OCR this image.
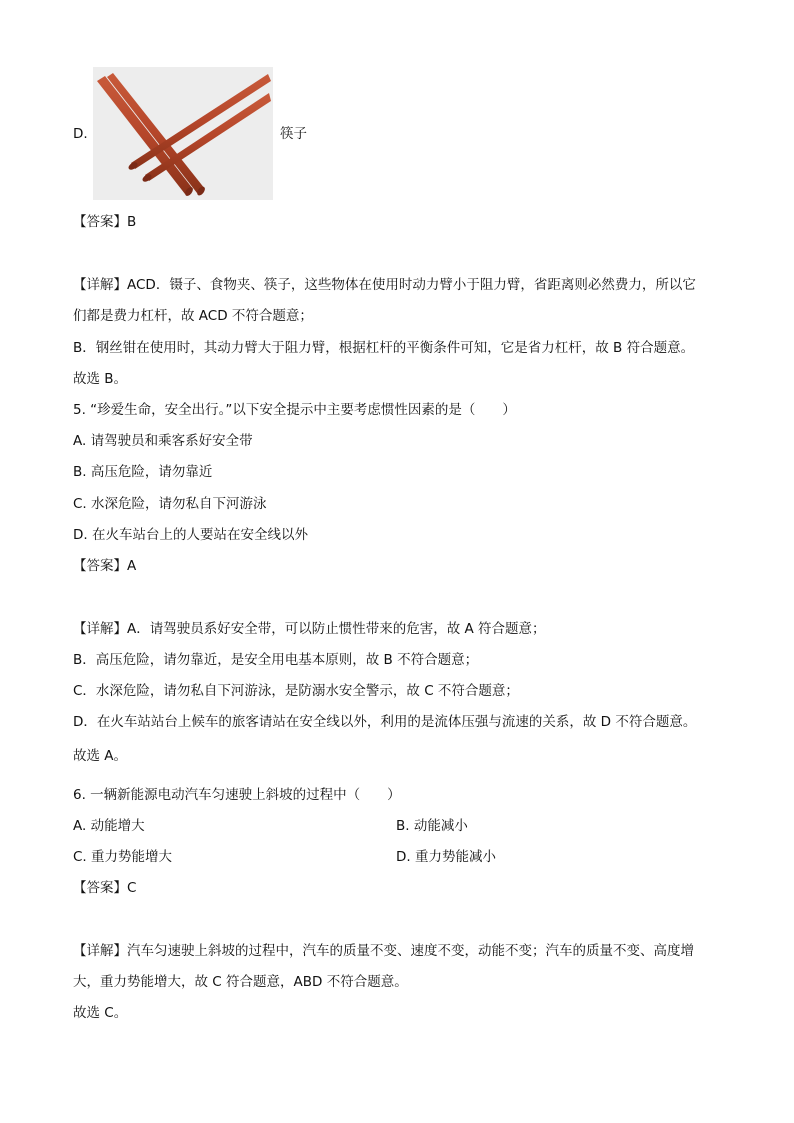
D.	筷子
【答案】B
【详解】ACD．镊子、食物夹、筷子，这些物体在使用时动力臂小于阻力臂，省距离则必然费力，所以它
们都是费力杠杆，故 ACD 不符合题意；
B．钢丝钳在使用时，其动力臂大于阻力臂，根据杠杆的平衡条件可知，它是省力杠杆，故 B 符合题意。
故选 B。
5. “珍爱生命，安全出行。”以下安全提示中主要考虑惯性因素的是（　　）
A. 请驾驶员和乘客系好安全带
B. 高压危险，请勿靠近
C. 水深危险，请勿私自下河游泳
D. 在火车站台上的人要站在安全线以外
【答案】A
【详解】A．请驾驶员系好安全带，可以防止惯性带来的危害，故 A 符合题意；
B．高压危险，请勿靠近，是安全用电基本原则，故 B 不符合题意；
C．水深危险，请勿私自下河游泳，是防溺水安全警示，故 C 不符合题意；
D．在火车站站台上候车的旅客请站在安全线以外，利用的是流体压强与流速的关系，故 D 不符合题意。
故选 A。
6. 一辆新能源电动汽车匀速驶上斜坡的过程中（　　）
A. 动能增大	B. 动能减小
C. 重力势能增大	D. 重力势能减小
【答案】C
【详解】汽车匀速驶上斜坡的过程中，汽车的质量不变、速度不变，动能不变；汽车的质量不变、高度增
大，重力势能增大，故 C 符合题意，ABD 不符合题意。
故选 C。
